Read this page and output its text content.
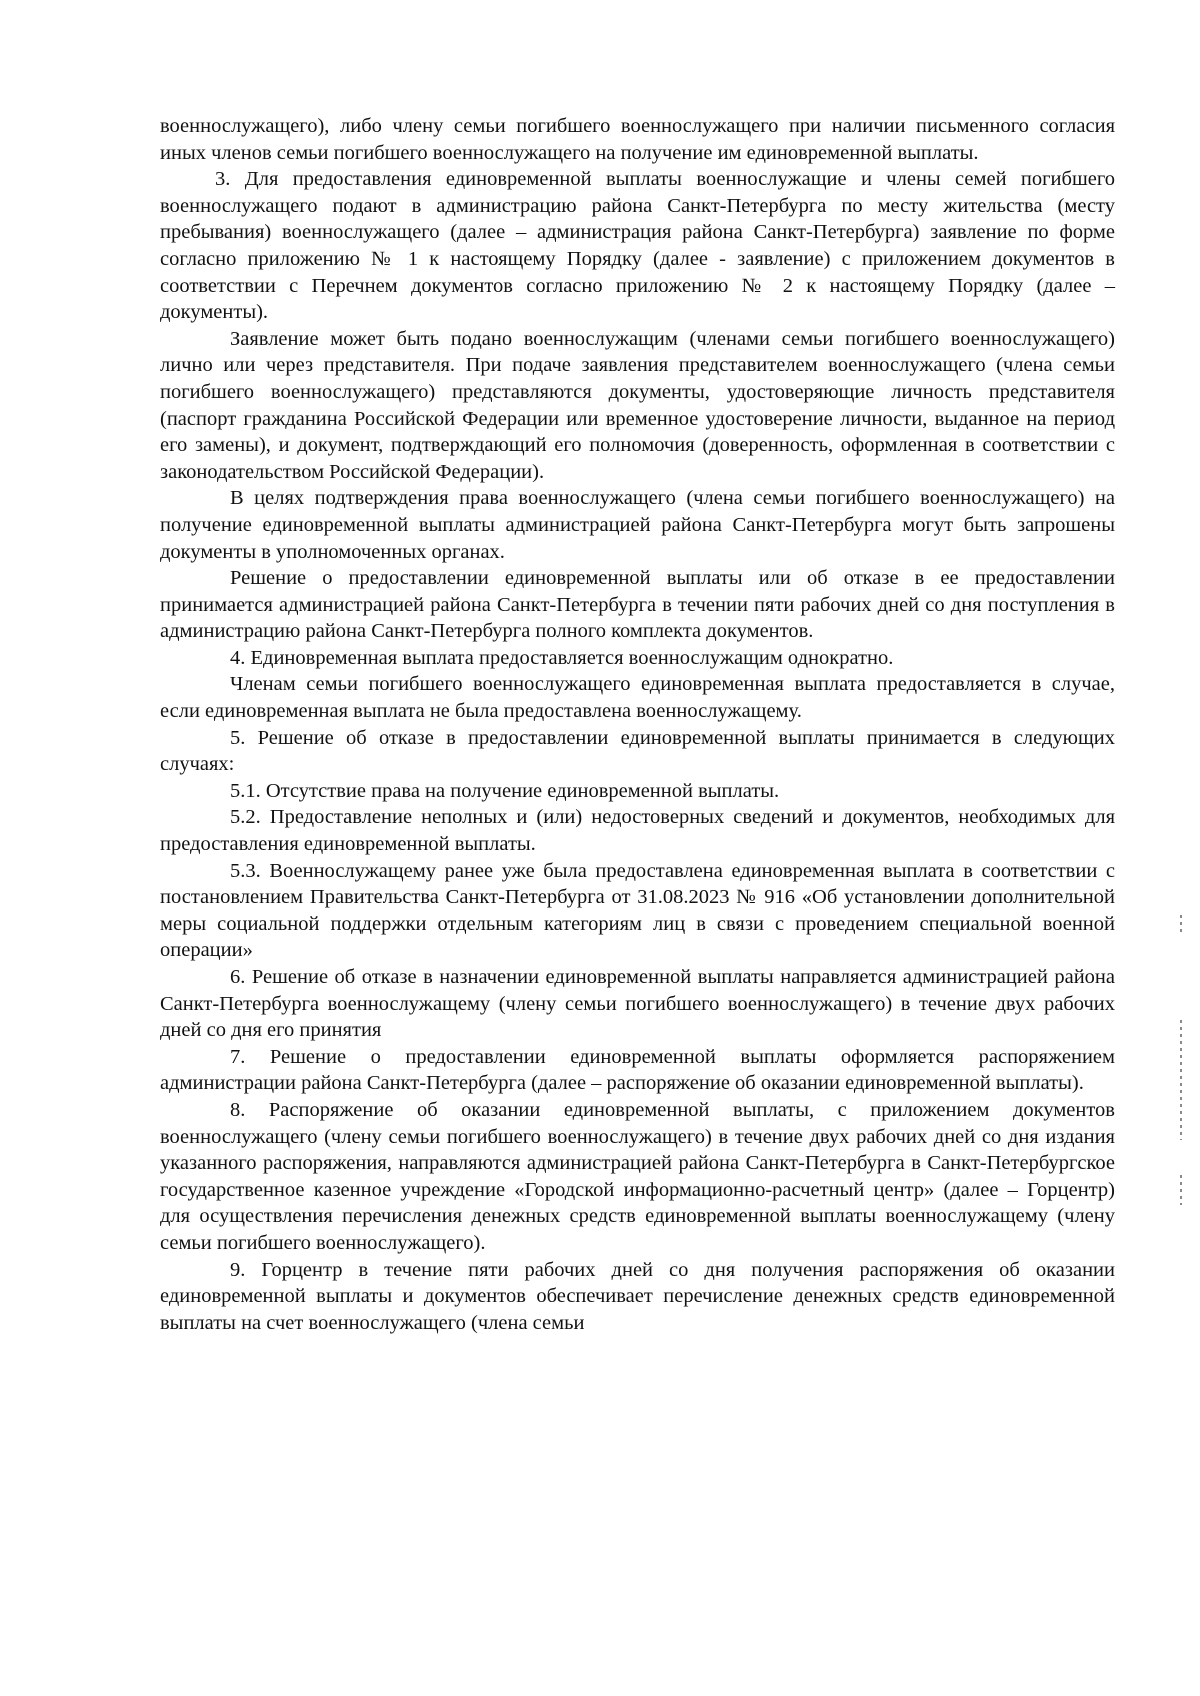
военнослужащего), либо члену семьи погибшего военнослужащего при наличии письменного согласия иных членов семьи погибшего военнослужащего на получение им единовременной выплаты.

3. Для предоставления единовременной выплаты военнослужащие и члены семей погибшего военнослужащего подают в администрацию района Санкт-Петербурга по месту жительства (месту пребывания) военнослужащего (далее – администрация района Санкт-Петербурга) заявление по форме согласно приложению № 1 к настоящему Порядку (далее - заявление) с приложением документов в соответствии с Перечнем документов согласно приложению № 2 к настоящему Порядку (далее – документы).

Заявление может быть подано военнослужащим (членами семьи погибшего военнослужащего) лично или через представителя. При подаче заявления представителем военнослужащего (члена семьи погибшего военнослужащего) представляются документы, удостоверяющие личность представителя (паспорт гражданина Российской Федерации или временное удостоверение личности, выданное на период его замены), и документ, подтверждающий его полномочия (доверенность, оформленная в соответствии с законодательством Российской Федерации).

В целях подтверждения права военнослужащего (члена семьи погибшего военнослужащего) на получение единовременной выплаты администрацией района Санкт-Петербурга могут быть запрошены документы в уполномоченных органах.

Решение о предоставлении единовременной выплаты или об отказе в ее предоставлении принимается администрацией района Санкт-Петербурга в течении пяти рабочих дней со дня поступления в администрацию района Санкт-Петербурга полного комплекта документов.

4. Единовременная выплата предоставляется военнослужащим однократно.

Членам семьи погибшего военнослужащего единовременная выплата предоставляется в случае, если единовременная выплата не была предоставлена военнослужащему.

5. Решение об отказе в предоставлении единовременной выплаты принимается в следующих случаях:

5.1. Отсутствие права на получение единовременной выплаты.

5.2. Предоставление неполных и (или) недостоверных сведений и документов, необходимых для предоставления единовременной выплаты.

5.3. Военнослужащему ранее уже была предоставлена единовременная выплата в соответствии с постановлением Правительства Санкт-Петербурга от 31.08.2023 № 916 «Об установлении дополнительной меры социальной поддержки отдельным категориям лиц в связи с проведением специальной военной операции»

6. Решение об отказе в назначении единовременной выплаты направляется администрацией района Санкт-Петербурга военнослужащему (члену семьи погибшего военнослужащего) в течение двух рабочих дней со дня его принятия

7. Решение о предоставлении единовременной выплаты оформляется распоряжением администрации района Санкт-Петербурга (далее – распоряжение об оказании единовременной выплаты).

8. Распоряжение об оказании единовременной выплаты, с приложением документов военнослужащего (члену семьи погибшего военнослужащего) в течение двух рабочих дней со дня издания указанного распоряжения, направляются администрацией района Санкт-Петербурга в Санкт-Петербургское государственное казенное учреждение «Городской информационно-расчетный центр» (далее – Горцентр) для осуществления перечисления денежных средств единовременной выплаты военнослужащему (члену семьи погибшего военнослужащего).

9. Горцентр в течение пяти рабочих дней со дня получения распоряжения об оказании единовременной выплаты и документов обеспечивает перечисление денежных средств единовременной выплаты на счет военнослужащего (члена семьи
